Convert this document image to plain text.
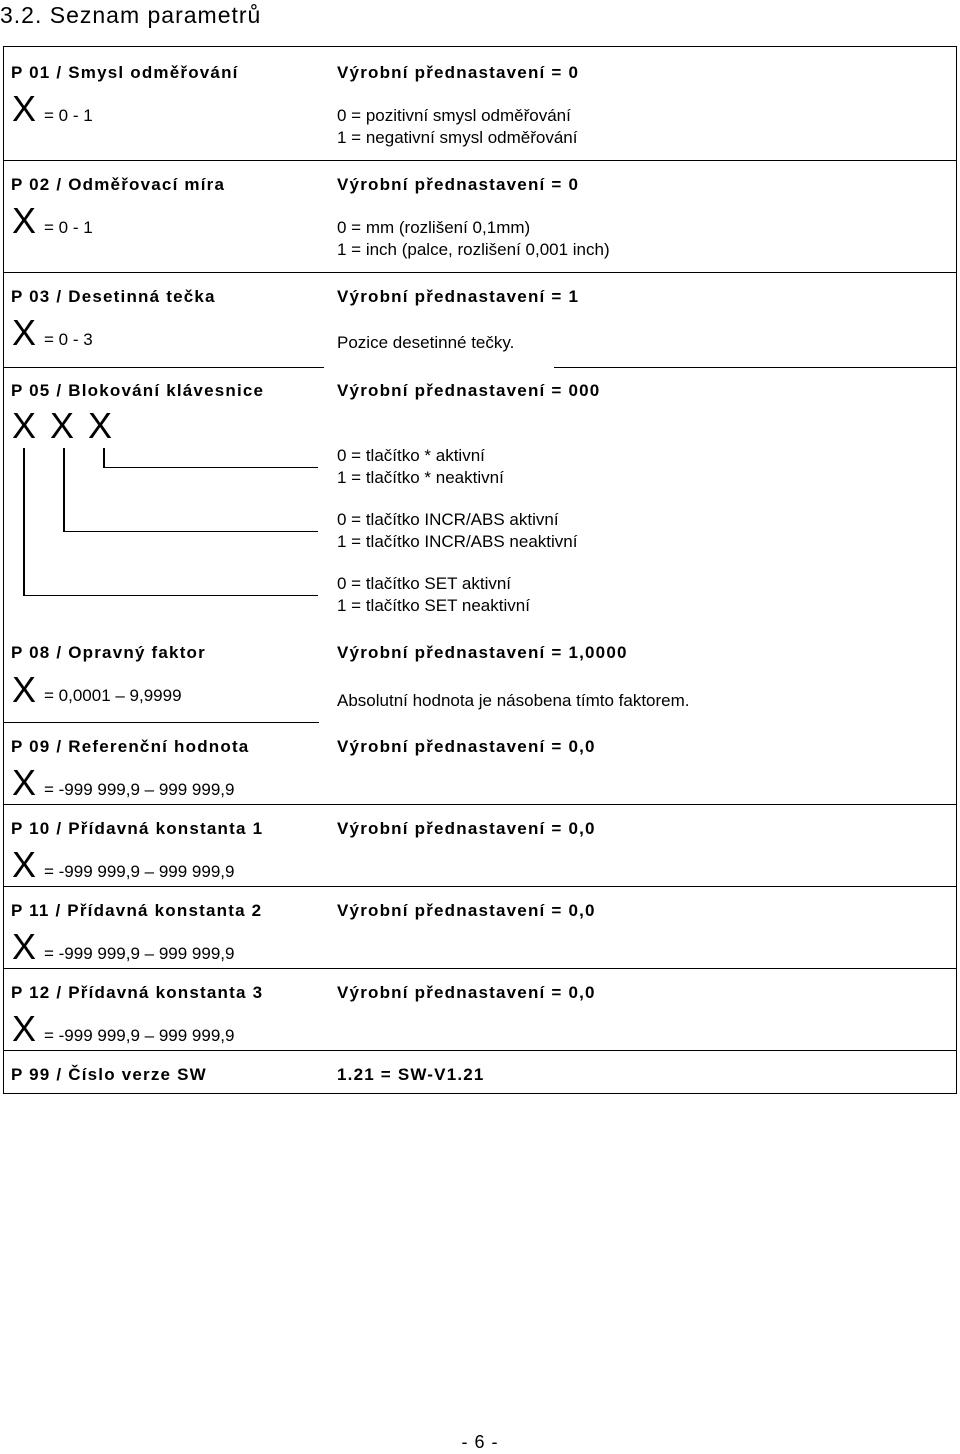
3.2. Seznam parametrů
P 01 / Smysl odměřování	Výrobní přednastavení = 0
X = 0 - 1	0 = pozitivní smysl odměřování
1 = negativní smysl odměřování
P 02 / Odměřovací míra	Výrobní přednastavení = 0
X = 0 - 1	0 = mm (rozlišení 0,1mm)
1 = inch (palce, rozlišení 0,001 inch)
P 03 / Desetinná tečka	Výrobní přednastavení = 1
X = 0 - 3	Pozice desetinné tečky.
P 05 / Blokování klávesnice	Výrobní přednastavení = 000
X X X
0 = tlačítko * aktivní
1 = tlačítko * neaktivní
0 = tlačítko INCR/ABS aktivní
1 = tlačítko INCR/ABS neaktivní
0 = tlačítko SET aktivní
1 = tlačítko SET neaktivní
P 08 / Opravný faktor	Výrobní přednastavení = 1,0000
X = 0,0001 – 9,9999	Absolutní hodnota je násobena tímto faktorem.
P 09 / Referenční hodnota	Výrobní přednastavení = 0,0
X = -999 999,9 – 999 999,9
P 10 / Přídavná konstanta 1	Výrobní přednastavení = 0,0
X = -999 999,9 – 999 999,9
P 11 / Přídavná konstanta 2	Výrobní přednastavení = 0,0
X = -999 999,9 – 999 999,9
P 12 / Přídavná konstanta 3	Výrobní přednastavení = 0,0
X = -999 999,9 – 999 999,9
P 99 / Číslo verze SW	1.21 = SW-V1.21
- 6 -
